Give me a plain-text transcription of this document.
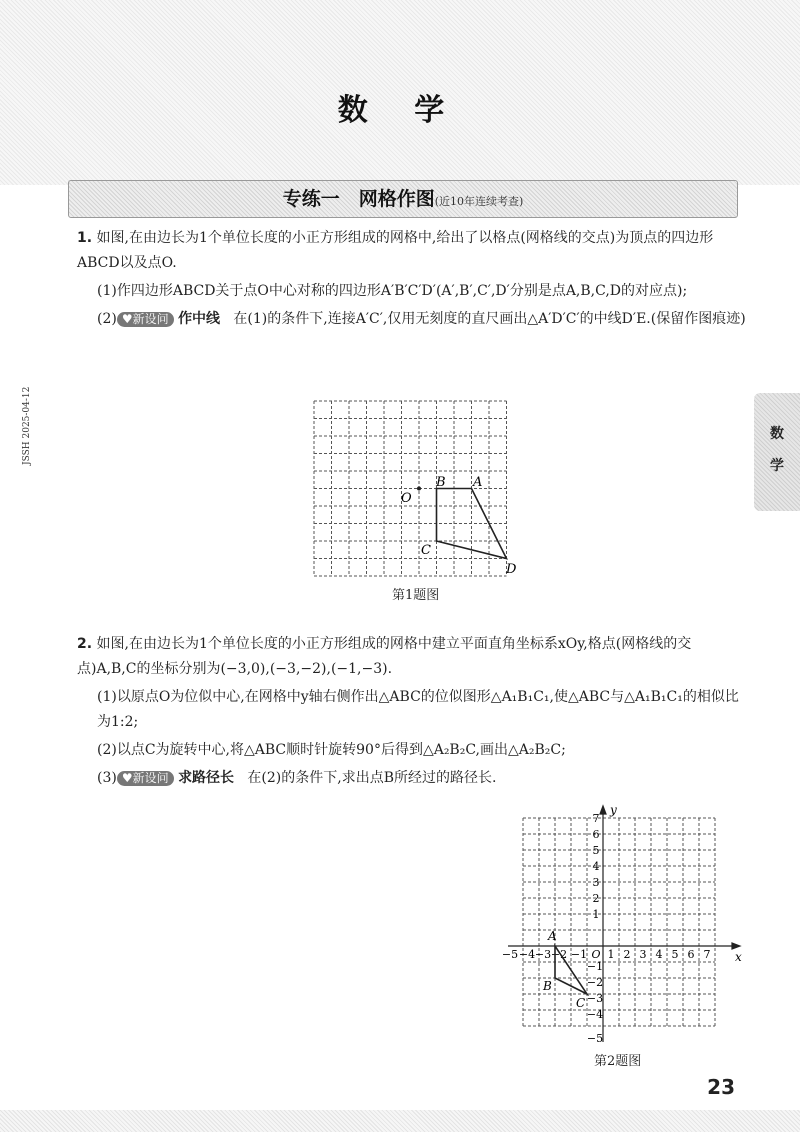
数 学
专练一　网格作图(近10年连续考查)
数
学
JSSH 2025-04-12

1. 如图,在由边长为1个单位长度的小正方形组成的网格中,给出了以格点(网格线的交点)为顶点的四边形ABCD以及点O.

(1)作四边形ABCD关于点O中心对称的四边形A′B′C′D′(A′,B′,C′,D′分别是点A,B,C,D的对应点);

(2) ♥新设问 作中线 在(1)的条件下,连接A′C′,仅用无刻度的直尺画出△A′D′C′的中线D′E.(保留作图痕迹)

O
B A
C
D
第1题图

2. 如图,在由边长为1个单位长度的小正方形组成的网格中建立平面直角坐标系xOy,格点(网格线的交点)A,B,C的坐标分别为(−3,0),(−3,−2),(−1,−3).

(1)以原点O为位似中心,在网格中y轴右侧作出△ABC的位似图形△A₁B₁C₁,使△ABC与△A₁B₁C₁的相似比为1:2;

(2)以点C为旋转中心,将△ABC顺时针旋转90°后得到△A₂B₂C,画出△A₂B₂C;

(3) ♥新设问 求路径长 在(2)的条件下,求出点B所经过的路径长.

x
y
−5 −4 −3 −2 −1 O 1 2 3 4 5 6 7
7
6
5
4
3
2
1
−1
−2
−3
−4
−5
A
B
C
第2题图
23
